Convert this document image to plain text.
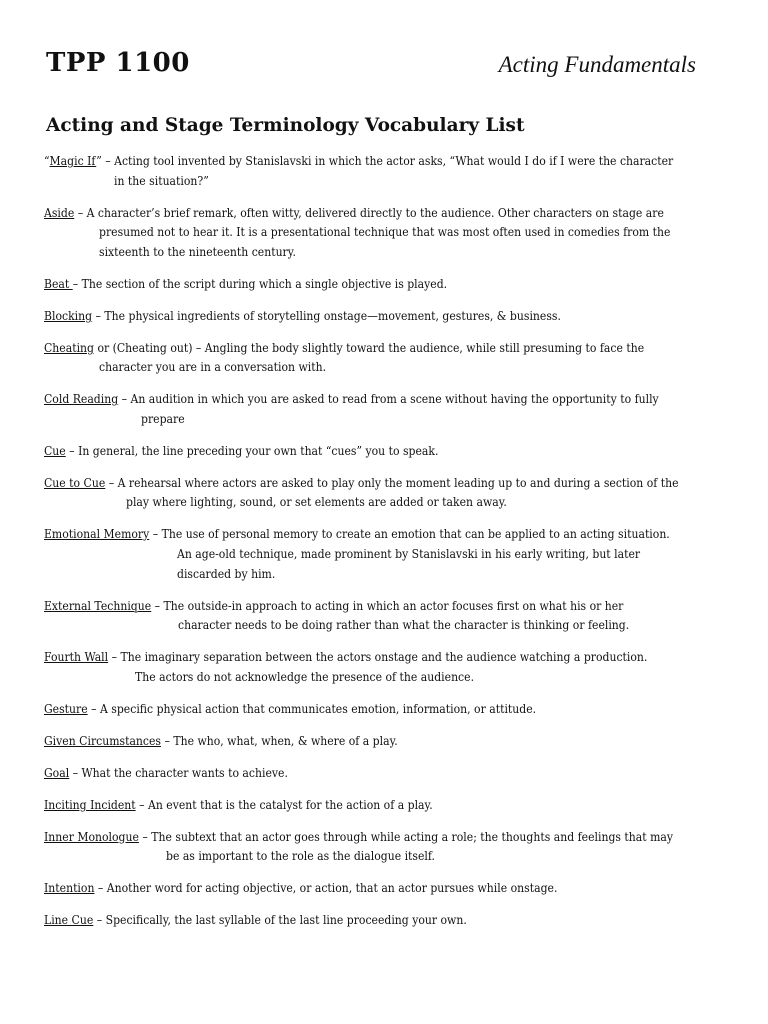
TPP 1100	Acting Fundamentals
Acting and Stage Terminology Vocabulary List
“Magic If” – Acting tool invented by Stanislavski in which the actor asks, “What would I do if I were the character
in the situation?”
Aside – A character’s brief remark, often witty, delivered directly to the audience. Other characters on stage are
presumed not to hear it. It is a presentational technique that was most often used in comedies from the
sixteenth to the nineteenth century.
Beat – The section of the script during which a single objective is played.
Blocking – The physical ingredients of storytelling onstage—movement, gestures, & business.
Cheating or (Cheating out) – Angling the body slightly toward the audience, while still presuming to face the
character you are in a conversation with.
Cold Reading – An audition in which you are asked to read from a scene without having the opportunity to fully
prepare
Cue – In general, the line preceding your own that “cues” you to speak.
Cue to Cue – A rehearsal where actors are asked to play only the moment leading up to and during a section of the
play where lighting, sound, or set elements are added or taken away.
Emotional Memory – The use of personal memory to create an emotion that can be applied to an acting situation.
An age-old technique, made prominent by Stanislavski in his early writing, but later
discarded by him.
External Technique – The outside-in approach to acting in which an actor focuses first on what his or her
character needs to be doing rather than what the character is thinking or feeling.
Fourth Wall – The imaginary separation between the actors onstage and the audience watching a production.
The actors do not acknowledge the presence of the audience.
Gesture – A specific physical action that communicates emotion, information, or attitude.
Given Circumstances – The who, what, when, & where of a play.
Goal – What the character wants to achieve.
Inciting Incident – An event that is the catalyst for the action of a play.
Inner Monologue – The subtext that an actor goes through while acting a role; the thoughts and feelings that may
be as important to the role as the dialogue itself.
Intention – Another word for acting objective, or action, that an actor pursues while onstage.
Line Cue – Specifically, the last syllable of the last line proceeding your own.
